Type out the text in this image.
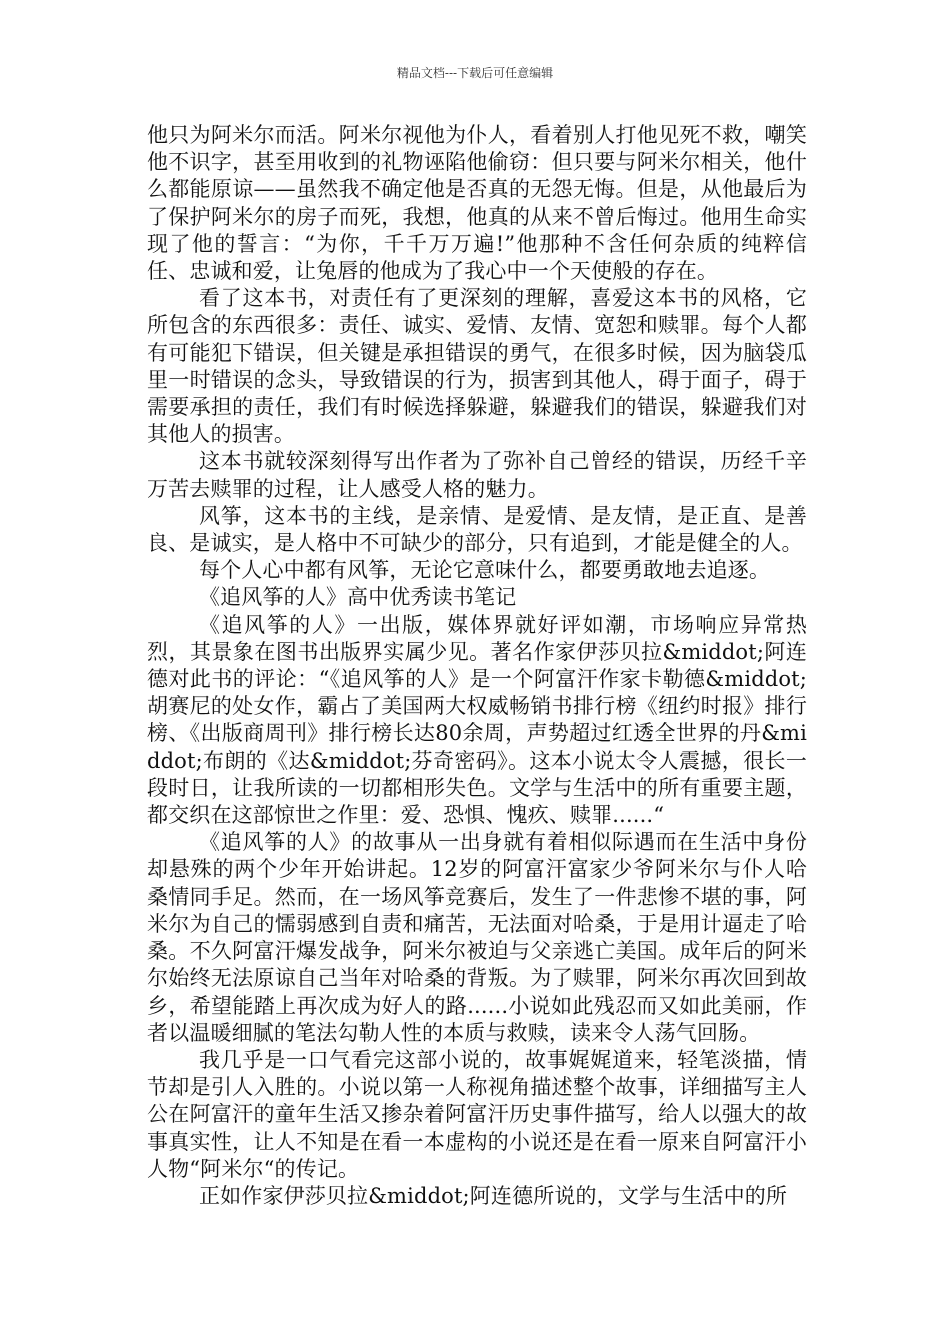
精品文档---下载后可任意编辑

他只为阿米尔而活。阿米尔视他为仆人，看着别人打他见死不救，嘲笑他不识字，甚至用收到的礼物诬陷他偷窃：但只要与阿米尔相关，他什么都能原谅——虽然我不确定他是否真的无怨无悔。但是，从他最后为了保护阿米尔的房子而死，我想，他真的从来不曾后悔过。他用生命实现了他的誓言：“为你，千千万万遍!”他那种不含任何杂质的纯粹信任、忠诚和爱，让兔唇的他成为了我心中一个天使般的存在。

看了这本书，对责任有了更深刻的理解，喜爱这本书的风格，它所包含的东西很多：责任、诚实、爱情、友情、宽恕和赎罪。每个人都有可能犯下错误，但关键是承担错误的勇气，在很多时候，因为脑袋瓜里一时错误的念头，导致错误的行为，损害到其他人，碍于面子，碍于需要承担的责任，我们有时候选择躲避，躲避我们的错误，躲避我们对其他人的损害。

这本书就较深刻得写出作者为了弥补自己曾经的错误，历经千辛万苦去赎罪的过程，让人感受人格的魅力。

风筝，这本书的主线，是亲情、是爱情、是友情，是正直、是善良、是诚实，是人格中不可缺少的部分，只有追到，才能是健全的人。

每个人心中都有风筝，无论它意味什么，都要勇敢地去追逐。

《追风筝的人》高中优秀读书笔记

《追风筝的人》一出版，媒体界就好评如潮，市场响应异常热烈，其景象在图书出版界实属少见。著名作家伊莎贝拉&middot;阿连德对此书的评论：“《追风筝的人》是一个阿富汗作家卡勒德&middot;胡赛尼的处女作，霸占了美国两大权威畅销书排行榜《纽约时报》排行榜、《出版商周刊》排行榜长达80余周，声势超过红透全世界的丹&middot;布朗的《达&middot;芬奇密码》。这本小说太令人震撼，很长一段时日，让我所读的一切都相形失色。文学与生活中的所有重要主题，都交织在这部惊世之作里：爱、恐惧、愧疚、赎罪......“

《追风筝的人》的故事从一出身就有着相似际遇而在生活中身份却悬殊的两个少年开始讲起。12岁的阿富汗富家少爷阿米尔与仆人哈桑情同手足。然而，在一场风筝竞赛后，发生了一件悲惨不堪的事，阿米尔为自己的懦弱感到自责和痛苦，无法面对哈桑，于是用计逼走了哈桑。不久阿富汗爆发战争，阿米尔被迫与父亲逃亡美国。成年后的阿米尔始终无法原谅自己当年对哈桑的背叛。为了赎罪，阿米尔再次回到故乡，希望能踏上再次成为好人的路......小说如此残忍而又如此美丽，作者以温暖细腻的笔法勾勒人性的本质与救赎，读来令人荡气回肠。

我几乎是一口气看完这部小说的，故事娓娓道来，轻笔淡描，情节却是引人入胜的。小说以第一人称视角描述整个故事，详细描写主人公在阿富汗的童年生活又掺杂着阿富汗历史事件描写，给人以强大的故事真实性，让人不知是在看一本虚构的小说还是在看一原来自阿富汗小人物“阿米尔“的传记。

正如作家伊莎贝拉&middot;阿连德所说的，文学与生活中的所
